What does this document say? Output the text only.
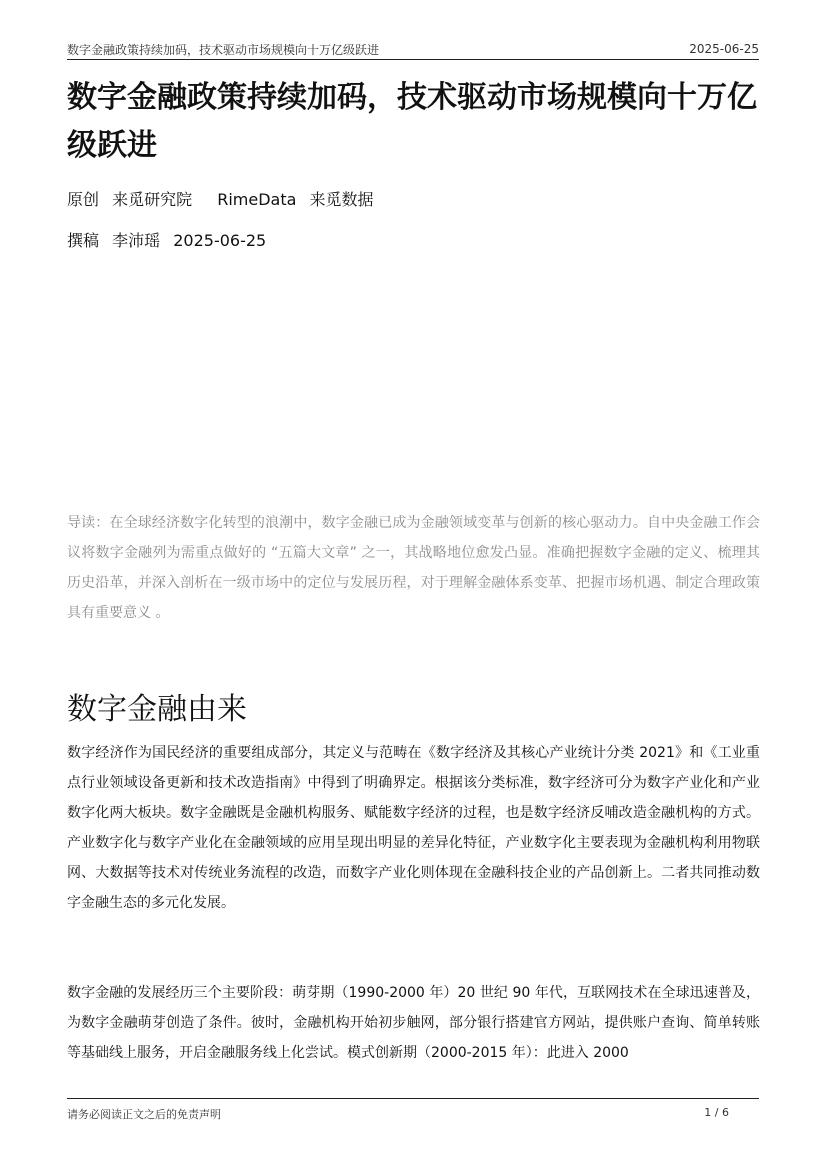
数字金融政策持续加码，技术驱动市场规模向十万亿级跃进	2025-06-25
数字金融政策持续加码，技术驱动市场规模向十万亿级跃进
原创 来觅研究院 RimeData 来觅数据
撰稿 李沛瑶 2025-06-25

导读：在全球经济数字化转型的浪潮中，数字金融已成为金融领域变革与创新的核心驱动力。自中央金融工作会议将数字金融列为需重点做好的 “五篇大文章” 之一，其战略地位愈发凸显。准确把握数字金融的定义、梳理其历史沿革，并深入剖析在一级市场中的定位与发展历程，对于理解金融体系变革、把握市场机遇、制定合理政策具有重要意义 。

数字金融由来

数字经济作为国民经济的重要组成部分，其定义与范畴在《数字经济及其核心产业统计分类 2021》和《工业重点行业领域设备更新和技术改造指南》中得到了明确界定。根据该分类标准，数字经济可分为数字产业化和产业数字化两大板块。数字金融既是金融机构服务、赋能数字经济的过程，也是数字经济反哺改造金融机构的方式。产业数字化与数字产业化在金融领域的应用呈现出明显的差异化特征，产业数字化主要表现为金融机构利用物联网、大数据等技术对传统业务流程的改造，而数字产业化则体现在金融科技企业的产品创新上。二者共同推动数字金融生态的多元化发展。

数字金融的发展经历三个主要阶段：萌芽期（1990-2000 年）20 世纪 90 年代，互联网技术在全球迅速普及，为数字金融萌芽创造了条件。彼时，金融机构开始初步触网，部分银行搭建官方网站，提供账户查询、简单转账等基础线上服务，开启金融服务线上化尝试。模式创新期（2000-2015 年）：此进入 2000

请务必阅读正文之后的免责声明	1 / 6
